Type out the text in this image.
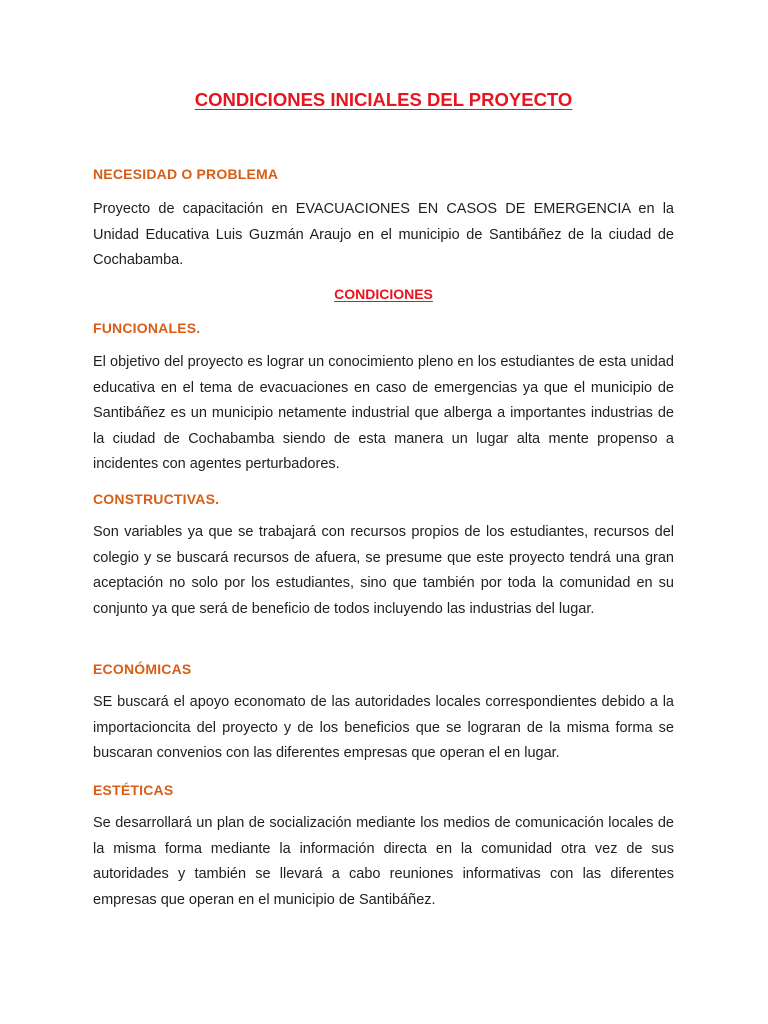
CONDICIONES INICIALES DEL PROYECTO
NECESIDAD O PROBLEMA

Proyecto de capacitación en EVACUACIONES EN CASOS DE EMERGENCIA en la Unidad Educativa Luis Guzmán Araujo en el municipio de Santibáñez de la ciudad de Cochabamba.

CONDICIONES
FUNCIONALES.

El objetivo del proyecto es lograr un conocimiento pleno en los estudiantes de esta unidad educativa en el tema de evacuaciones en caso de emergencias ya que el municipio de Santibáñez es un municipio netamente industrial que alberga a importantes industrias de la ciudad de Cochabamba siendo de esta manera un lugar alta mente propenso a incidentes con agentes perturbadores.

CONSTRUCTIVAS.

Son variables ya que se trabajará con recursos propios de los estudiantes, recursos del colegio y se buscará recursos de afuera, se presume que este proyecto tendrá una gran aceptación no solo por los estudiantes, sino que también por toda la comunidad en su conjunto ya que será de beneficio de todos incluyendo las industrias del lugar.

ECONÓMICAS

SE buscará el apoyo economato de las autoridades locales correspondientes debido a la importacioncita del proyecto y de los beneficios que se lograran de la misma forma se buscaran convenios con las diferentes empresas que operan el en lugar.

ESTÉTICAS

Se desarrollará un plan de socialización mediante los medios de comunicación locales de la misma forma mediante la información directa en la comunidad otra vez de sus autoridades y también se llevará a cabo reuniones informativas con las diferentes empresas que operan en el municipio de Santibáñez.
